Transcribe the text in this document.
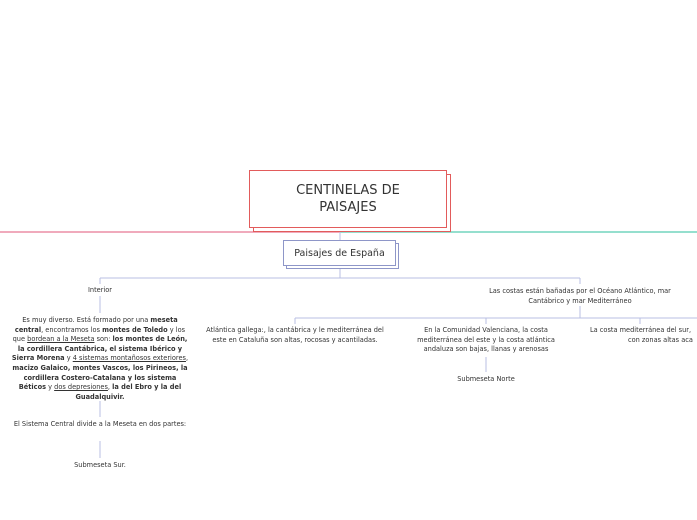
CENTINELAS DE PAISAJES
Paisajes de España
Interior
Es muy diverso. Está formado por una meseta central, encontramos los montes de Toledo y los que bordean a la Meseta son: los montes de León, la cordillera Cantábrica, el sistema Ibérico y Sierra Morena y 4 sistemas montañosos exteriores, macizo Galaico, montes Vascos, los Pirineos, la cordillera Costero-Catalana y los sistema Béticos y dos depresiones, la del Ebro y la del Guadalquivir.
El Sistema Central divide a la Meseta en dos partes:
Submeseta Sur.
Las costas están bañadas por el Océano Atlántico, mar Cantábrico y mar Mediterráneo
Atlántica gallega:, la cantábrica y le mediterránea del este en Cataluña son altas, rocosas y acantiladas.
En la Comunidad Valenciana, la costa mediterránea del este y la costa atlántica andaluza son bajas, llanas y arenosas
Submeseta Norte
La costa mediterránea del sur,
con zonas altas aca
